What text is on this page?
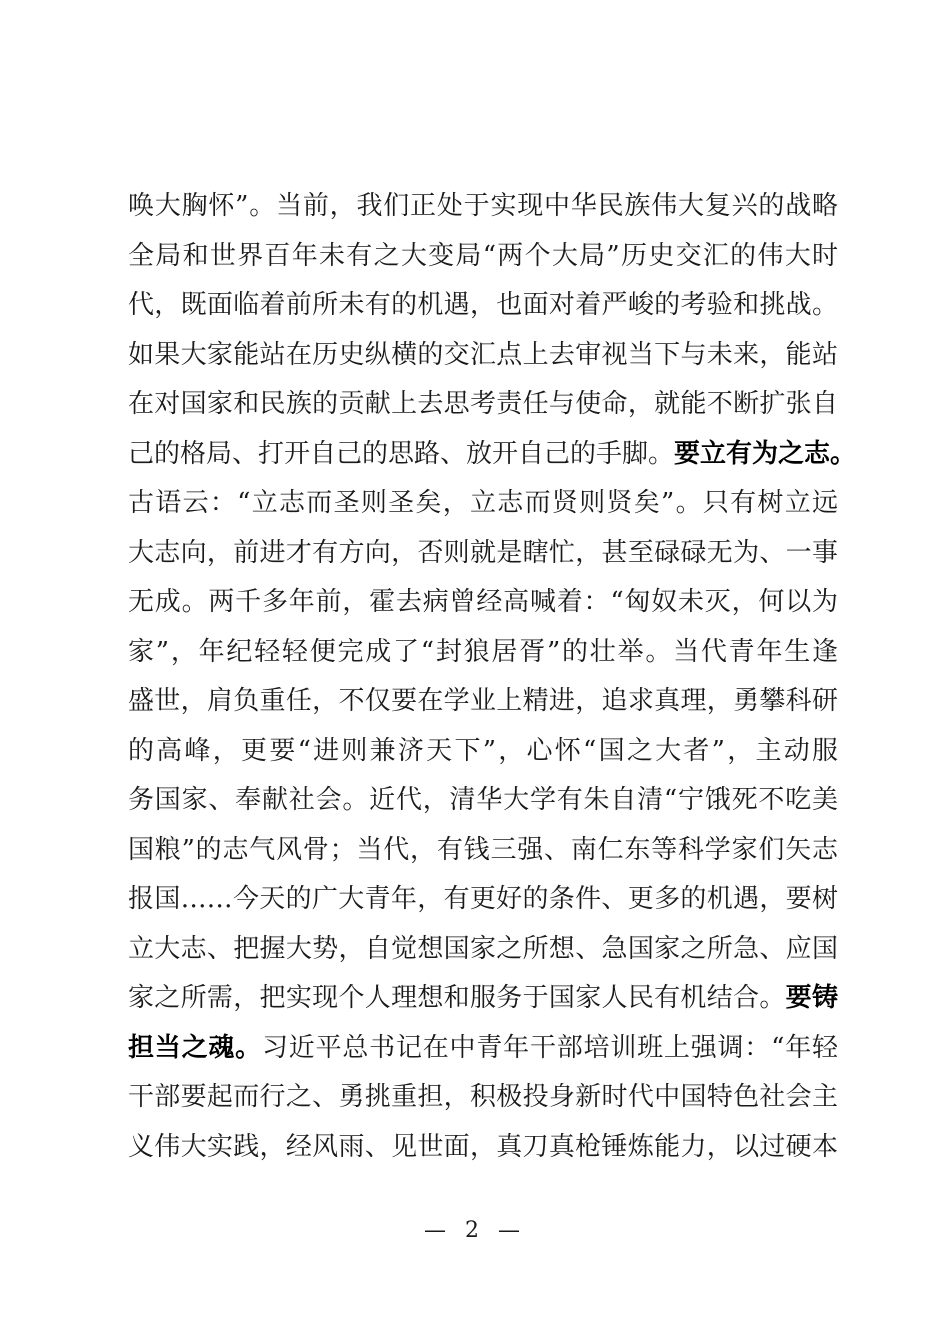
唤大胸怀”。当前，我们正处于实现中华民族伟大复兴的战略
全局和世界百年未有之大变局“两个大局”历史交汇的伟大时
代，既面临着前所未有的机遇，也面对着严峻的考验和挑战。
如果大家能站在历史纵横的交汇点上去审视当下与未来，能站
在对国家和民族的贡献上去思考责任与使命，就能不断扩张自
己的格局、打开自己的思路、放开自己的手脚。要立有为之志。
古语云：“立志而圣则圣矣，立志而贤则贤矣”。只有树立远
大志向，前进才有方向，否则就是瞎忙，甚至碌碌无为、一事
无成。两千多年前，霍去病曾经高喊着：“匈奴未灭，何以为
家”，年纪轻轻便完成了“封狼居胥”的壮举。当代青年生逢
盛世，肩负重任，不仅要在学业上精进，追求真理，勇攀科研
的高峰，更要“进则兼济天下”，心怀“国之大者”，主动服
务国家、奉献社会。近代，清华大学有朱自清“宁饿死不吃美
国粮”的志气风骨；当代，有钱三强、南仁东等科学家们矢志
报国……今天的广大青年，有更好的条件、更多的机遇，要树
立大志、把握大势，自觉想国家之所想、急国家之所急、应国
家之所需，把实现个人理想和服务于国家人民有机结合。要铸
担当之魂。习近平总书记在中青年干部培训班上强调：“年轻
干部要起而行之、勇挑重担，积极投身新时代中国特色社会主
义伟大实践，经风雨、见世面，真刀真枪锤炼能力，以过硬本
— 2 —
